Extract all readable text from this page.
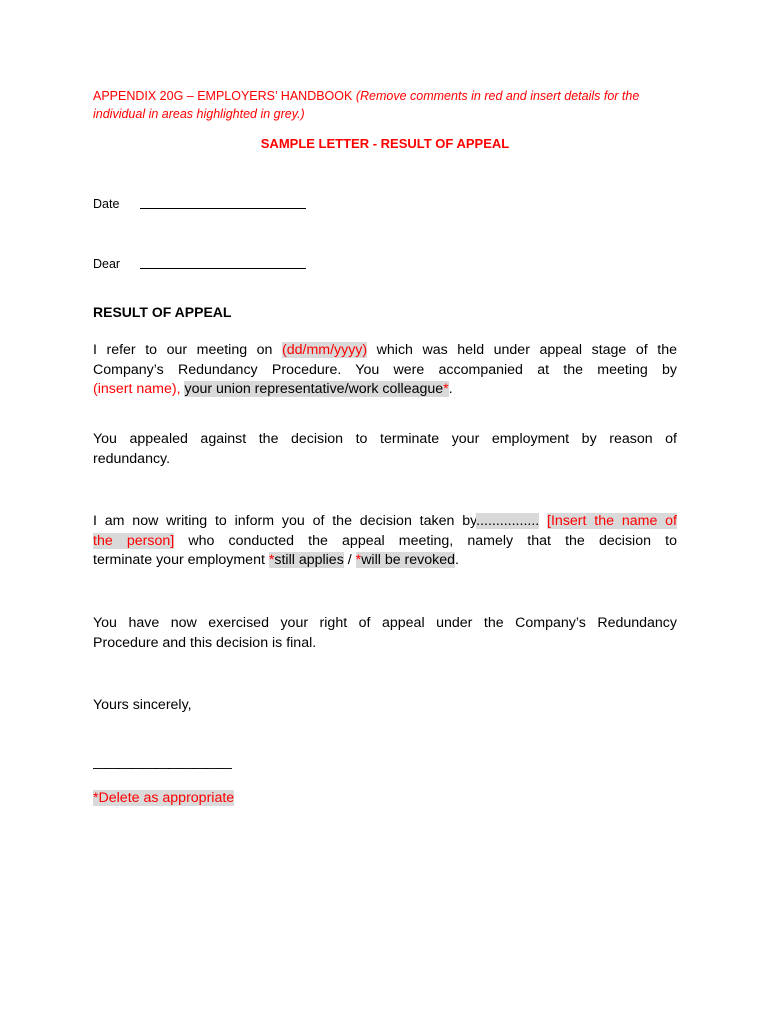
APPENDIX 20G – EMPLOYERS’ HANDBOOK (Remove comments in red and insert details for the
individual in areas highlighted in grey.)
SAMPLE LETTER - RESULT OF APPEAL
Date
Dear
RESULT OF APPEAL
I refer to our meeting on (dd/mm/yyyy) which was held under appeal stage of the
Company’s Redundancy Procedure. You were accompanied at the meeting by
(insert name), your union representative/work colleague*.
You appealed against the decision to terminate your employment by reason of
redundancy.
I am now writing to inform you of the decision taken by................ [Insert the name of
the person] who conducted the appeal meeting, namely that the decision to
terminate your employment *still applies / *will be revoked.
You have now exercised your right of appeal under the Company’s Redundancy
Procedure and this decision is final.
Yours sincerely,
———————————
*Delete as appropriate
